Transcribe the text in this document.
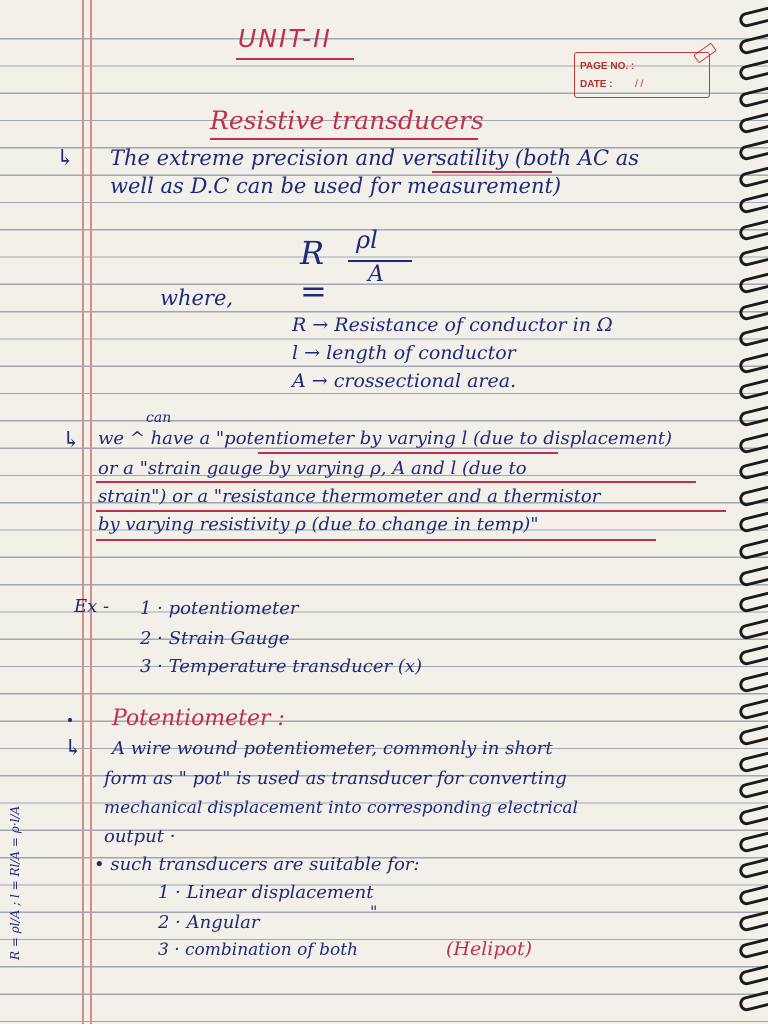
UNIT-II
PAGE NO. :
DATE : / /
Resistive transducers
↳ The extreme precision and versatility (both AC as
well as D.C can be used for measurement)
R =
ρl
A
where,
R → Resistance of conductor in Ω
l → length of conductor
A → crossectional area.
can
↳ we ^ have a "potentiometer by varying l (due to displacement)
or a "strain gauge by varying ρ, A and l (due to
strain") or a "resistance thermometer and a thermistor
by varying resistivity ρ (due to change in temp)"
Ex - 1 · potentiometer
2 · Strain Gauge
3 · Temperature transducer (x)
Potentiometer :
↳ A wire wound potentiometer, commonly in short
form as " pot" is used as transducer for converting
mechanical displacement into corresponding electrical
output ·
• such transducers are suitable for:
1 · Linear displacement
"
2 · Angular
3 · combination of both	(Helipot)
R = ρl/A ; l = Rl/A = ρ·l/A
